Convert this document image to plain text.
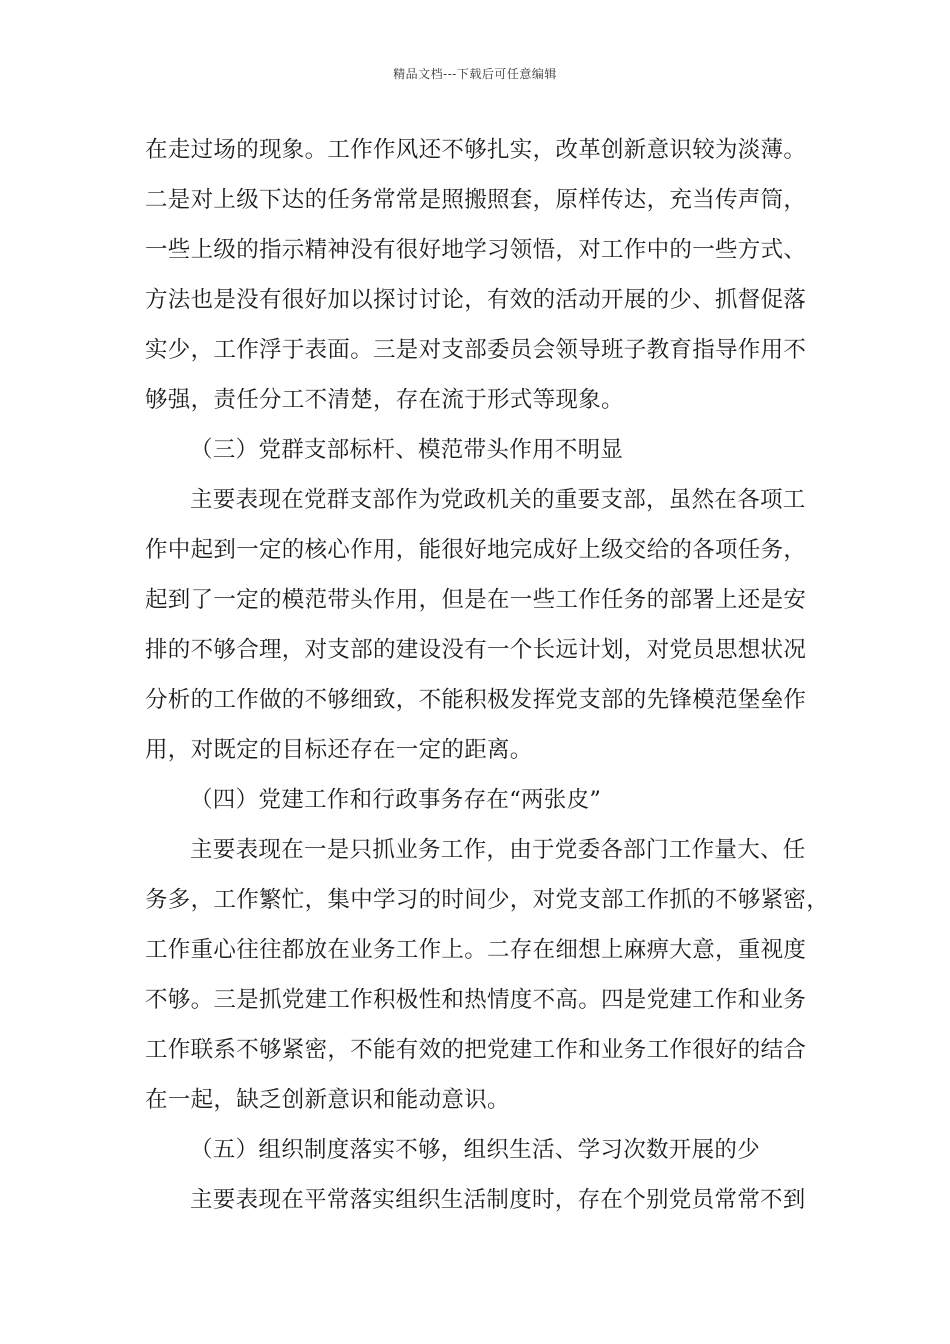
精品文档---下载后可任意编辑
在走过场的现象。工作作风还不够扎实，改革创新意识较为淡薄。
二是对上级下达的任务常常是照搬照套，原样传达，充当传声筒，
一些上级的指示精神没有很好地学习领悟，对工作中的一些方式、
方法也是没有很好加以探讨讨论，有效的活动开展的少、抓督促落
实少，工作浮于表面。三是对支部委员会领导班子教育指导作用不
够强，责任分工不清楚，存在流于形式等现象。
（三）党群支部标杆、模范带头作用不明显
主要表现在党群支部作为党政机关的重要支部，虽然在各项工
作中起到一定的核心作用，能很好地完成好上级交给的各项任务，
起到了一定的模范带头作用，但是在一些工作任务的部署上还是安
排的不够合理，对支部的建设没有一个长远计划，对党员思想状况
分析的工作做的不够细致，不能积极发挥党支部的先锋模范堡垒作
用，对既定的目标还存在一定的距离。
（四）党建工作和行政事务存在“两张皮”
主要表现在一是只抓业务工作，由于党委各部门工作量大、任
务多，工作繁忙，集中学习的时间少，对党支部工作抓的不够紧密，
工作重心往往都放在业务工作上。二存在细想上麻痹大意，重视度
不够。三是抓党建工作积极性和热情度不高。四是党建工作和业务
工作联系不够紧密，不能有效的把党建工作和业务工作很好的结合
在一起，缺乏创新意识和能动意识。
（五）组织制度落实不够，组织生活、学习次数开展的少
主要表现在平常落实组织生活制度时，存在个别党员常常不到
